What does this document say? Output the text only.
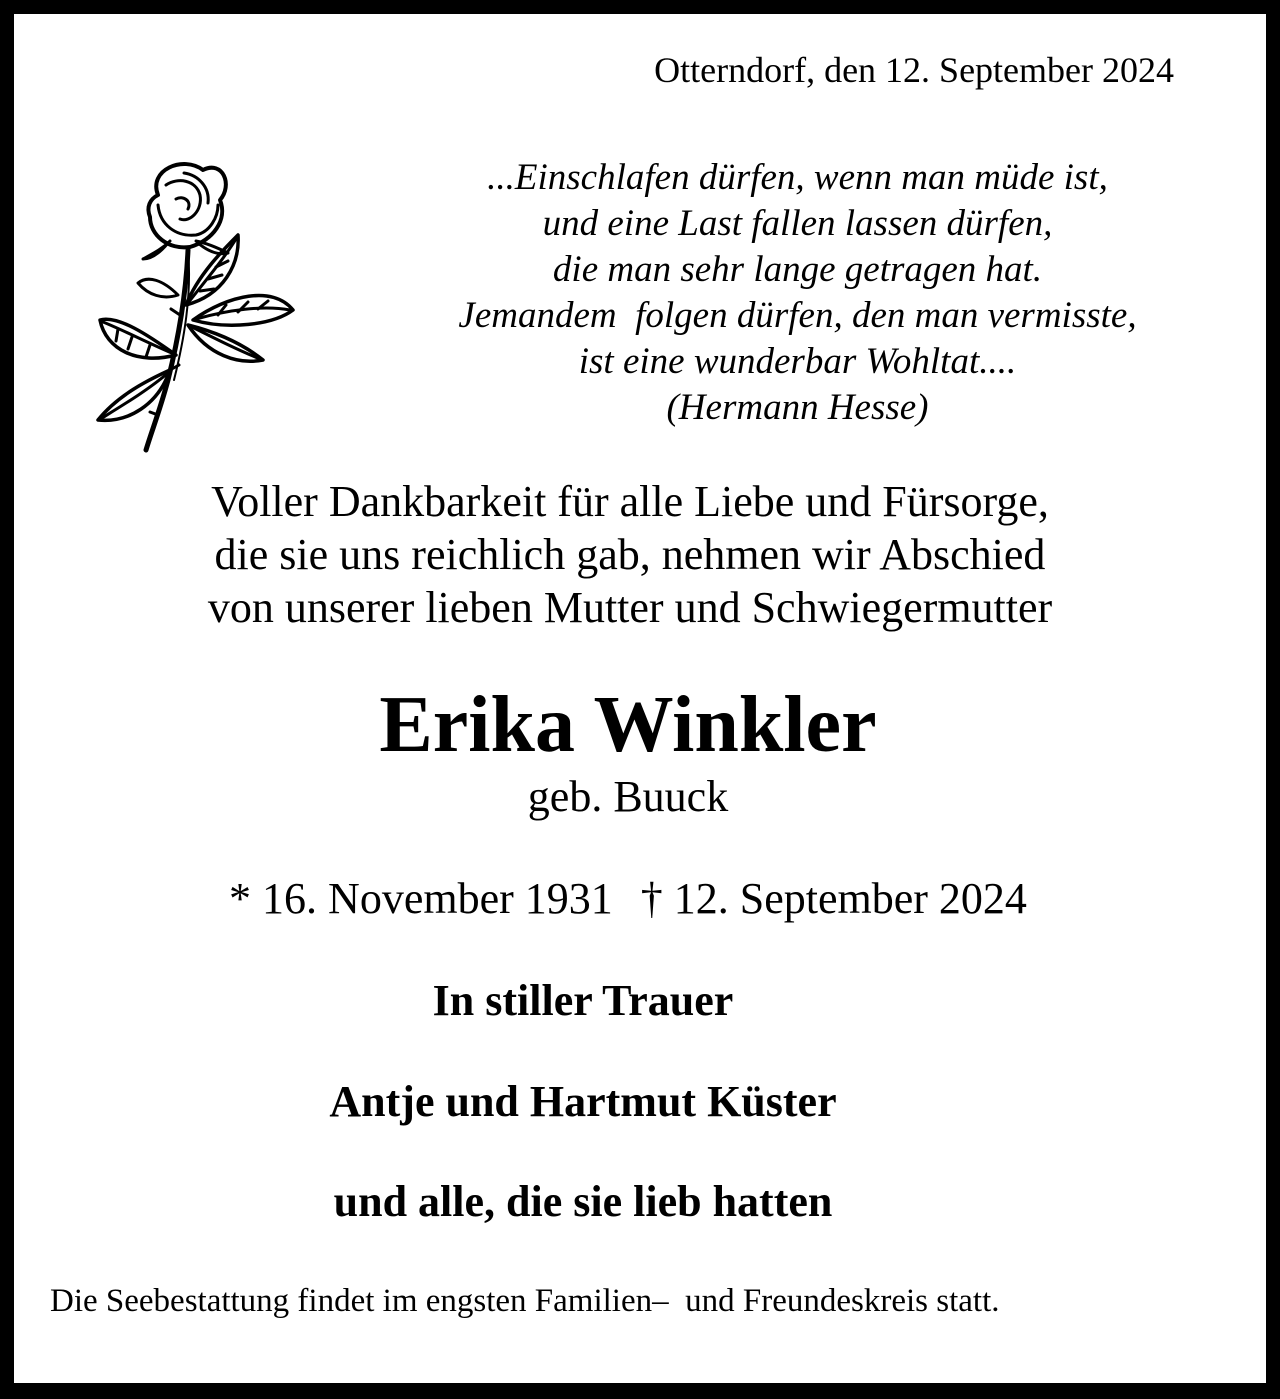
Otterndorf, den 12. September 2024
...Einschlafen dürfen, wenn man müde ist,
und eine Last fallen lassen dürfen,
die man sehr lange getragen hat.
Jemandem  folgen dürfen, den man vermisste,
ist eine wunderbar Wohltat....
(Hermann Hesse)
Voller Dankbarkeit für alle Liebe und Fürsorge,
die sie uns reichlich gab, nehmen wir Abschied
von unserer lieben Mutter und Schwiegermutter
Erika Winkler
geb. Buuck
* 16. November 1931 † 12. September 2024
In stiller Trauer
Antje und Hartmut Küster
und alle, die sie lieb hatten
Die Seebestattung findet im engsten Familien–  und Freundeskreis statt.
